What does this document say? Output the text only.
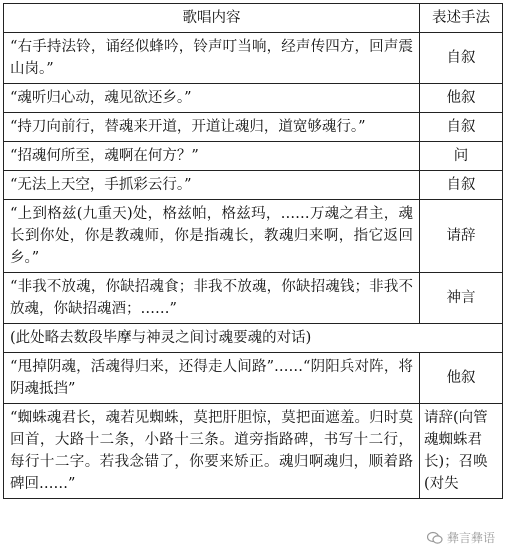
歌唱内容	表述手法
“右手持法铃，诵经似蜂吟，铃声叮当响，经声传四方，回声震山岗。”	自叙
“魂听归心动，魂见欲还乡。”	他叙
“持刀向前行，替魂来开道，开道让魂归，道宽够魂行。”	自叙
“招魂何所至，魂啊在何方？”	问
“无法上天空，手抓彩云行。”	自叙
“上到格兹(九重天)处，格兹帕，格兹玛，……万魂之君主，魂长到你处，你是教魂师，你是指魂长，教魂归来啊，指它返回乡。”	请辞
“非我不放魂，你缺招魂食；非我不放魂，你缺招魂钱；非我不放魂，你缺招魂酒；……”	神言
(此处略去数段毕摩与神灵之间讨魂要魂的对话)	
“甩掉阴魂，活魂得归来，还得走人间路”……“阴阳兵对阵，将阴魂抵挡”	他叙
“蜘蛛魂君长，魂若见蜘蛛，莫把肝胆惊，莫把面遮羞。归时莫回首，大路十二条，小路十三条。道旁指路碑，书写十二行，每行十二字。若我念错了，你要来矫正。魂归啊魂归，顺着路碑回……”	请辞(向管魂蜘蛛君长)；召唤(对失
彝言彝语
